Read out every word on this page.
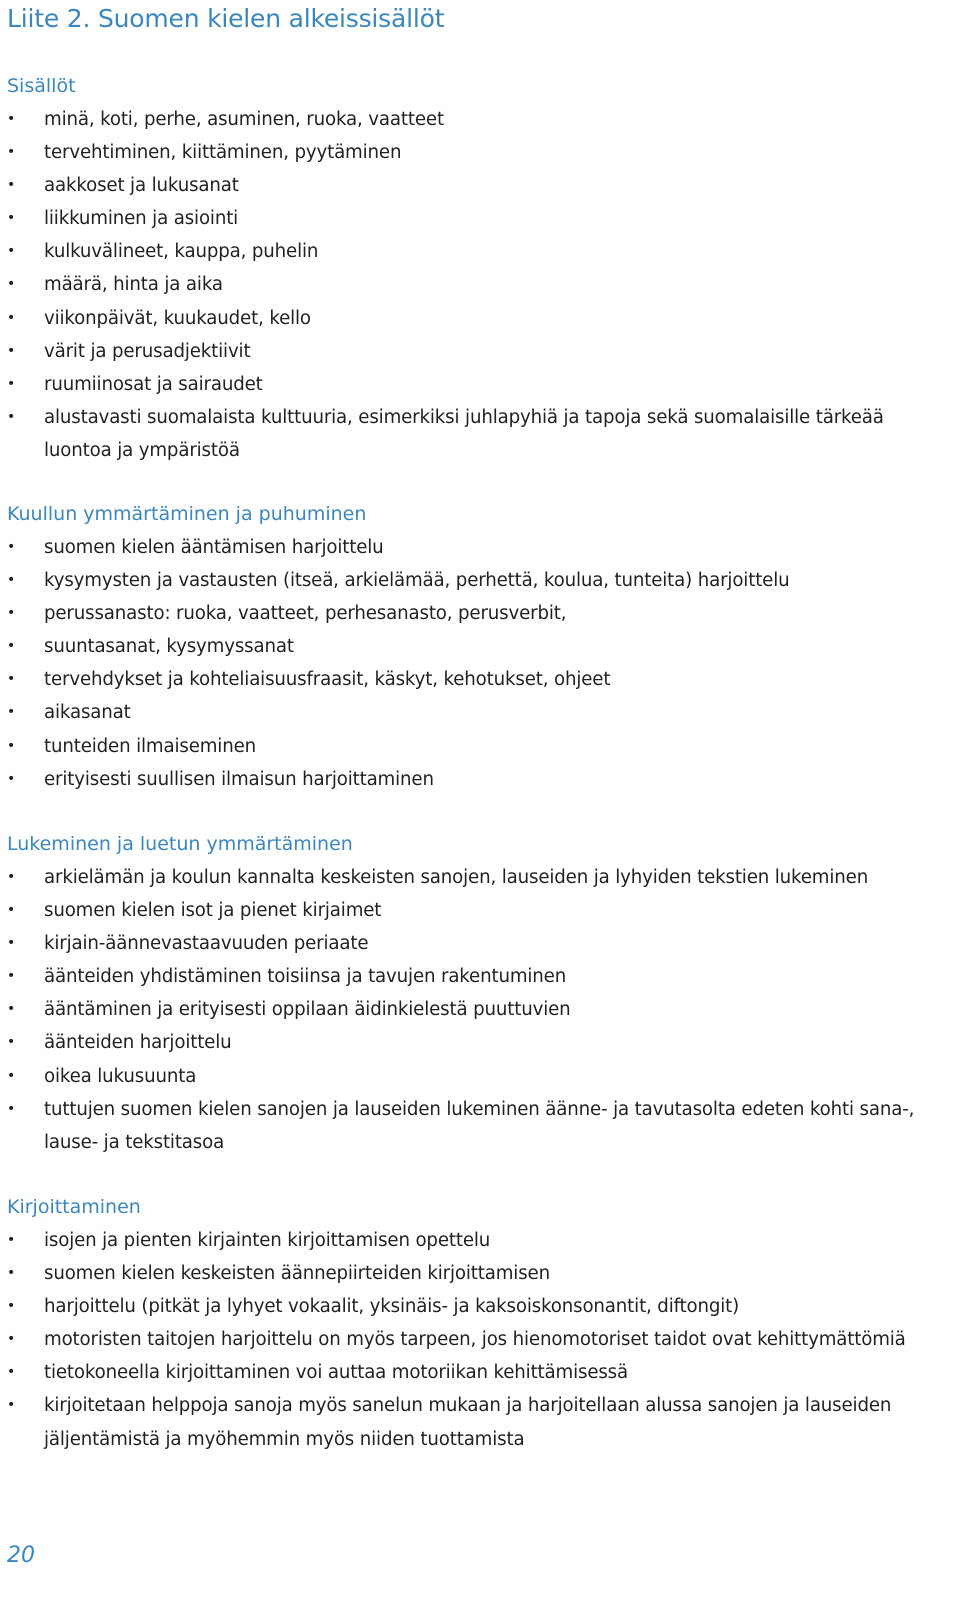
Liite 2. Suomen kielen alkeissisällöt
Sisällöt
• minä, koti, perhe, asuminen, ruoka, vaatteet
• tervehtiminen, kiittäminen, pyytäminen
• aakkoset ja lukusanat
• liikkuminen ja asiointi
• kulkuvälineet, kauppa, puhelin
• määrä, hinta ja aika
• viikonpäivät, kuukaudet, kello
• värit ja perusadjektiivit
• ruumiinosat ja sairaudet
• alustavasti suomalaista kulttuuria, esimerkiksi juhlapyhiä ja tapoja sekä suomalaisille tärkeää luontoa ja ympäristöä
Kuullun ymmärtäminen ja puhuminen
• suomen kielen ääntämisen harjoittelu
• kysymysten ja vastausten (itseä, arkielämää, perhettä, koulua, tunteita) harjoittelu
• perussanasto: ruoka, vaatteet, perhesanasto, perusverbit,
• suuntasanat, kysymyssanat
• tervehdykset ja kohteliaisuusfraasit, käskyt, kehotukset, ohjeet
• aikasanat
• tunteiden ilmaiseminen
• erityisesti suullisen ilmaisun harjoittaminen
Lukeminen ja luetun ymmärtäminen
• arkielämän ja koulun kannalta keskeisten sanojen, lauseiden ja lyhyiden tekstien lukeminen
• suomen kielen isot ja pienet kirjaimet
• kirjain-äännevastaavuuden periaate
• äänteiden yhdistäminen toisiinsa ja tavujen rakentuminen
• ääntäminen ja erityisesti oppilaan äidinkielestä puuttuvien
• äänteiden harjoittelu
• oikea lukusuunta
• tuttujen suomen kielen sanojen ja lauseiden lukeminen äänne- ja tavutasolta edeten kohti sana-, lause- ja tekstitasoa
Kirjoittaminen
• isojen ja pienten kirjainten kirjoittamisen opettelu
• suomen kielen keskeisten äännepiirteiden kirjoittamisen
• harjoittelu (pitkät ja lyhyet vokaalit, yksinäis- ja kaksoiskonsonantit, diftongit)
• motoristen taitojen harjoittelu on myös tarpeen, jos hienomotoriset taidot ovat kehittymättömiä
• tietokoneella kirjoittaminen voi auttaa motoriikan kehittämisessä
• kirjoitetaan helppoja sanoja myös sanelun mukaan ja harjoitellaan alussa sanojen ja lauseiden jäljentämistä ja myöhemmin myös niiden tuottamista
20
